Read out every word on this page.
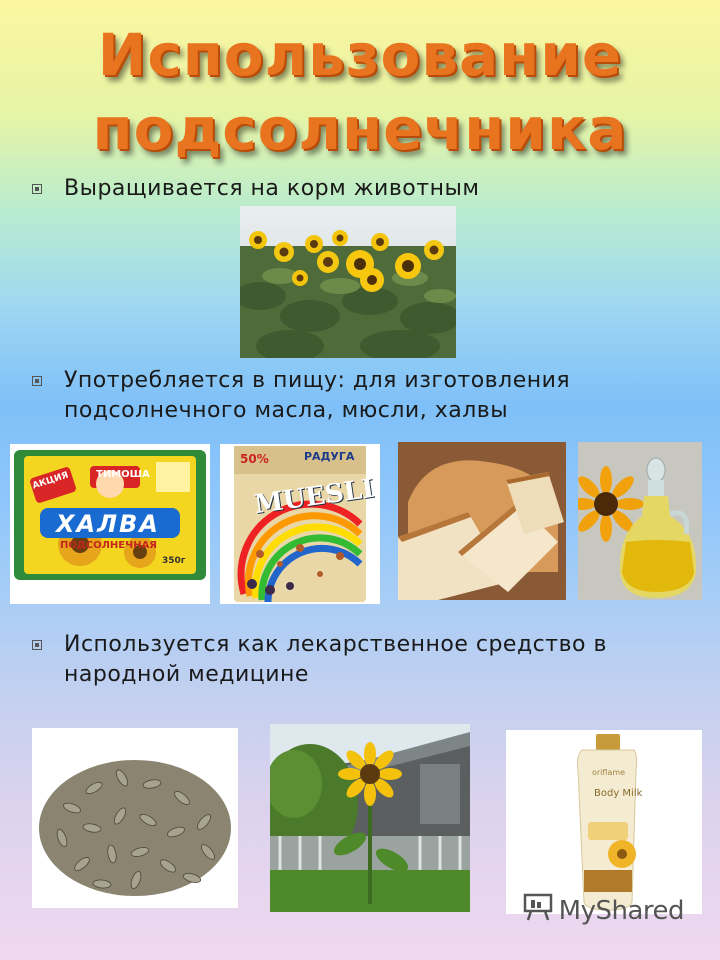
Использование
подсолнечника
Выращивается на корм животным
Употребляется в пищу: для изготовления подсолнечного масла, мюсли, халвы
ТИМОША
АКЦИЯ
ХАЛВА
ПОДСОЛНЕЧНАЯ
350г
50%	РАДУГА
MUESLI
Используется как лекарственное средство в народной медицине
oriflame
Body Milk
MyShared
